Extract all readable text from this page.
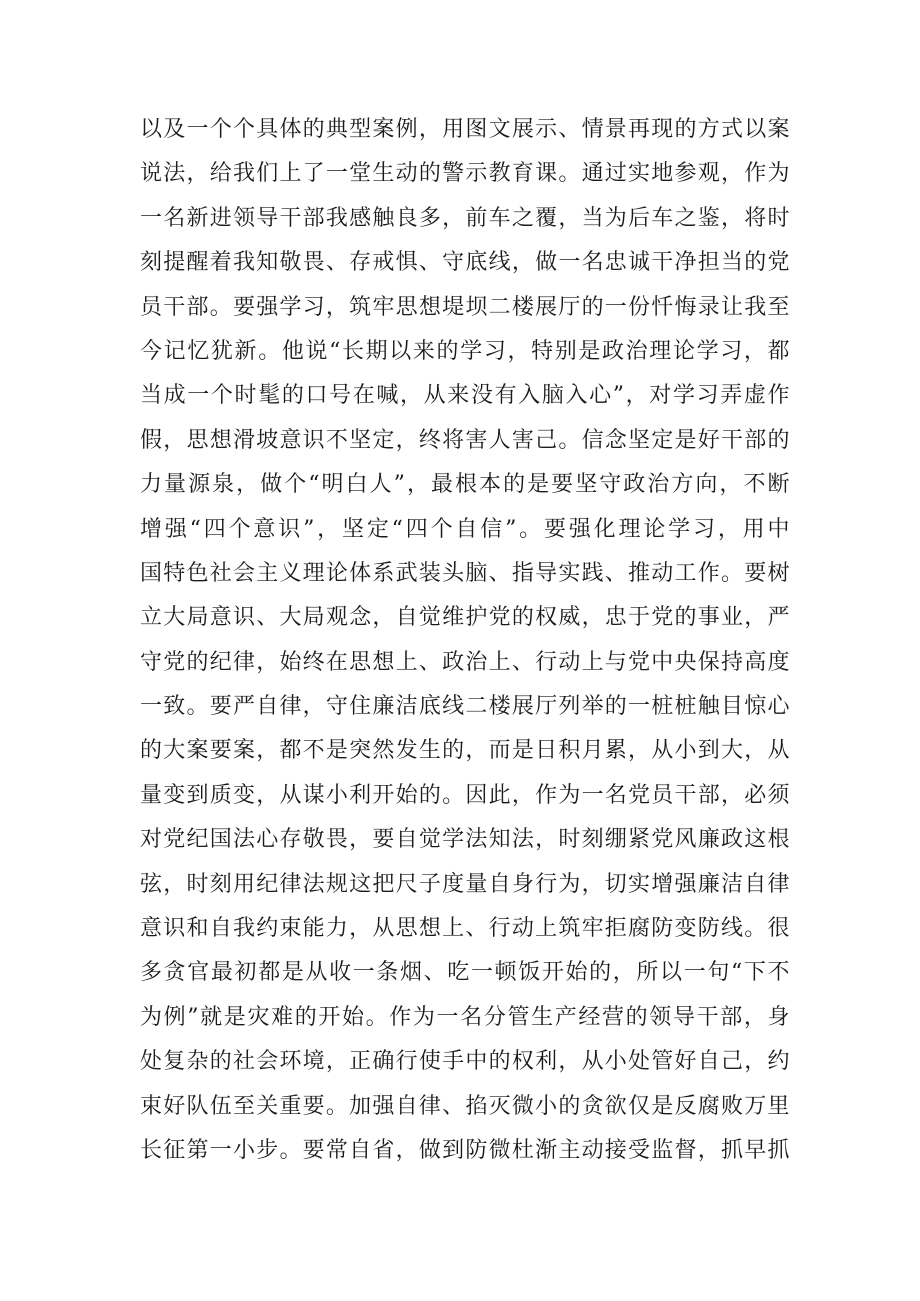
以及一个个具体的典型案例，用图文展示、情景再现的方式以案
说法，给我们上了一堂生动的警示教育课。通过实地参观，作为
一名新进领导干部我感触良多，前车之覆，当为后车之鉴，将时
刻提醒着我知敬畏、存戒惧、守底线，做一名忠诚干净担当的党
员干部。要强学习，筑牢思想堤坝二楼展厅的一份忏悔录让我至
今记忆犹新。他说“长期以来的学习，特别是政治理论学习，都
当成一个时髦的口号在喊，从来没有入脑入心”，对学习弄虚作
假，思想滑坡意识不坚定，终将害人害己。信念坚定是好干部的
力量源泉，做个“明白人”，最根本的是要坚守政治方向，不断
增强“四个意识”，坚定“四个自信”。要强化理论学习，用中
国特色社会主义理论体系武装头脑、指导实践、推动工作。要树
立大局意识、大局观念，自觉维护党的权威，忠于党的事业，严
守党的纪律，始终在思想上、政治上、行动上与党中央保持高度
一致。要严自律，守住廉洁底线二楼展厅列举的一桩桩触目惊心
的大案要案，都不是突然发生的，而是日积月累，从小到大，从
量变到质变，从谋小利开始的。因此，作为一名党员干部，必须
对党纪国法心存敬畏，要自觉学法知法，时刻绷紧党风廉政这根
弦，时刻用纪律法规这把尺子度量自身行为，切实增强廉洁自律
意识和自我约束能力，从思想上、行动上筑牢拒腐防变防线。很
多贪官最初都是从收一条烟、吃一顿饭开始的，所以一句“下不
为例”就是灾难的开始。作为一名分管生产经营的领导干部，身
处复杂的社会环境，正确行使手中的权利，从小处管好自己，约
束好队伍至关重要。加强自律、掐灭微小的贪欲仅是反腐败万里
长征第一小步。要常自省，做到防微杜渐主动接受监督，抓早抓
